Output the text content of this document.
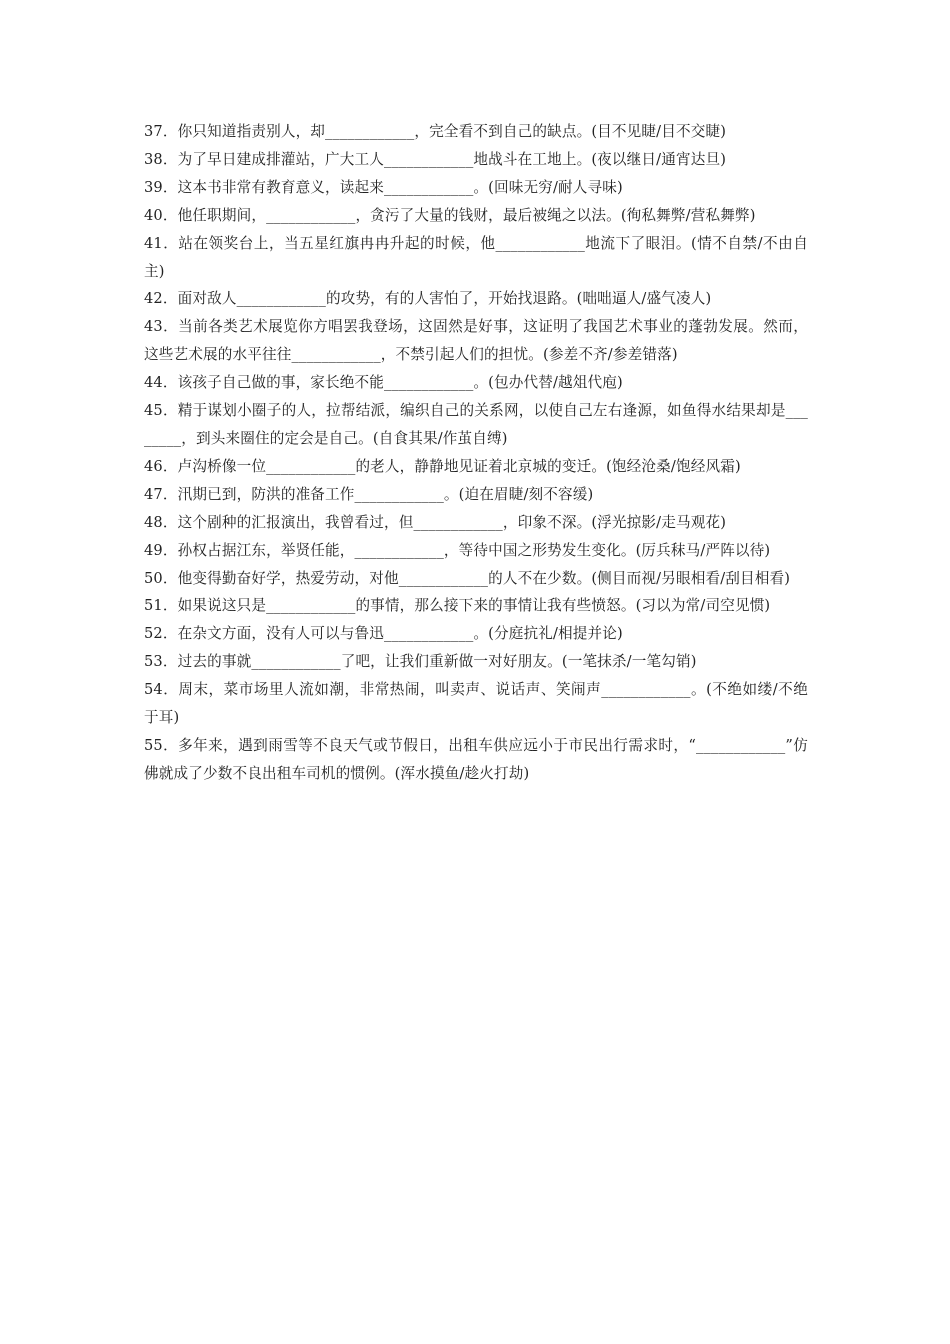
37．你只知道指责别人，却____________，完全看不到自己的缺点。(目不见睫/目不交睫)

38．为了早日建成排灌站，广大工人____________地战斗在工地上。(夜以继日/通宵达旦)

39．这本书非常有教育意义，读起来____________。(回味无穷/耐人寻味)

40．他任职期间，____________，贪污了大量的钱财，最后被绳之以法。(徇私舞弊/营私舞弊)

41．站在领奖台上，当五星红旗冉冉升起的时候，他____________地流下了眼泪。(情不自禁/不由自主)

42．面对敌人____________的攻势，有的人害怕了，开始找退路。(咄咄逼人/盛气凌人)

43．当前各类艺术展览你方唱罢我登场，这固然是好事，这证明了我国艺术事业的蓬勃发展。然而，这些艺术展的水平往往____________，不禁引起人们的担忧。(参差不齐/参差错落)

44．该孩子自己做的事，家长绝不能____________。(包办代替/越俎代庖)

45．精于谋划小圈子的人，拉帮结派，编织自己的关系网，以使自己左右逢源，如鱼得水结果却是________，到头来圈住的定会是自己。(自食其果/作茧自缚)

46．卢沟桥像一位____________的老人，静静地见证着北京城的变迁。(饱经沧桑/饱经风霜)

47．汛期已到，防洪的准备工作____________。(迫在眉睫/刻不容缓)

48．这个剧种的汇报演出，我曾看过，但____________，印象不深。(浮光掠影/走马观花)

49．孙权占据江东，举贤任能，____________，等待中国之形势发生变化。(厉兵秣马/严阵以待)

50．他变得勤奋好学，热爱劳动，对他____________的人不在少数。(侧目而视/另眼相看/刮目相看)

51．如果说这只是____________的事情，那么接下来的事情让我有些愤怒。(习以为常/司空见惯)

52．在杂文方面，没有人可以与鲁迅____________。(分庭抗礼/相提并论)

53．过去的事就____________了吧，让我们重新做一对好朋友。(一笔抹杀/一笔勾销)

54．周末，菜市场里人流如潮，非常热闹，叫卖声、说话声、笑闹声____________。(不绝如缕/不绝于耳)

55．多年来，遇到雨雪等不良天气或节假日，出租车供应远小于市民出行需求时，“____________”仿佛就成了少数不良出租车司机的惯例。(浑水摸鱼/趁火打劫)
